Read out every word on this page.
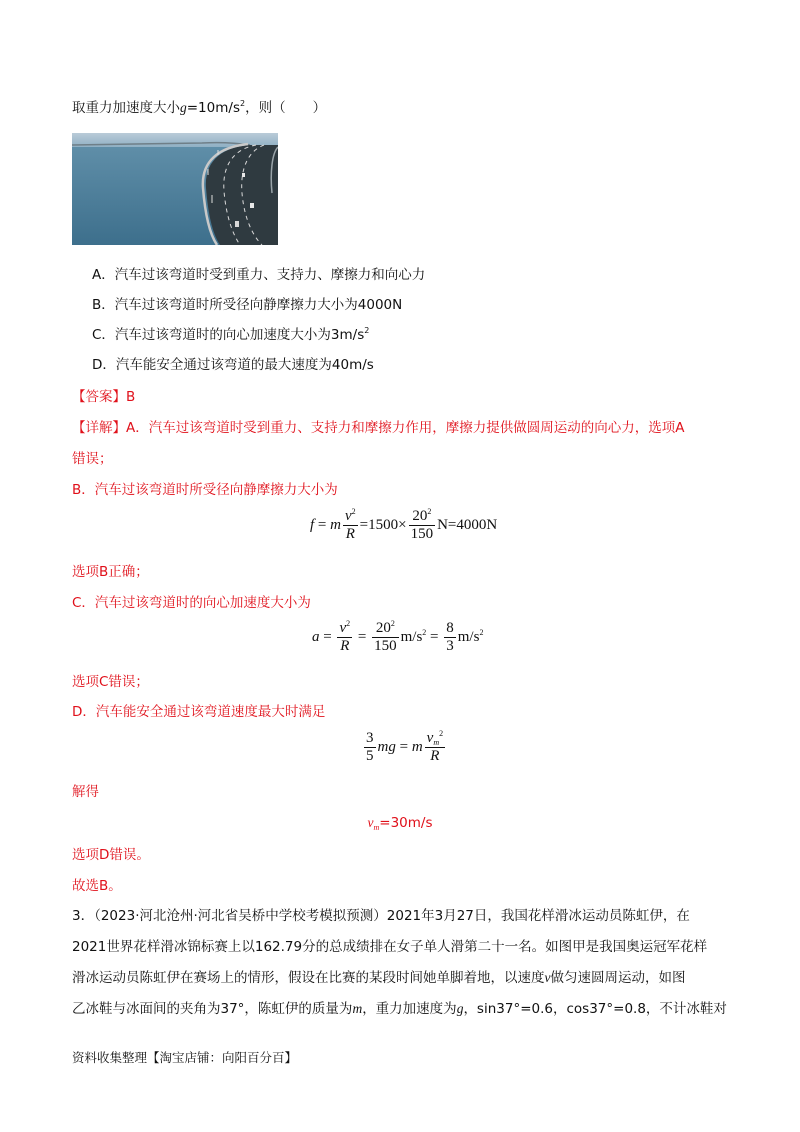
取重力加速度大小$g=10m/s^2$，则（　　）
A．汽车过该弯道时受到重力、支持力、摩擦力和向心力
B．汽车过该弯道时所受径向静摩擦力大小为4000N
C．汽车过该弯道时的向心加速度大小为$3m/s^2$
D．汽车能安全通过该弯道的最大速度为40m/s
【答案】B
【详解】A．汽车过该弯道时受到重力、支持力和摩擦力作用，摩擦力提供做圆周运动的向心力，选项A
错误；
B．汽车过该弯道时所受径向静摩擦力大小为
f = m $\frac{v^2}{R} =1500\times \frac{20^2}{150} N=4000N$
选项B正确；
C．汽车过该弯道时的向心加速度大小为
$a = \frac{v^2}{R} = \frac{20^2}{150} m/s^2 = \frac{8}{3} m/s^2$
选项C错误；
D．汽车能安全通过该弯道速度最大时满足
$\frac{3}{5}$ mg = m $\frac{v_m^2}{R}$
解得
$v_m=30m/s$
选项D错误。
故选B。
3．（2023·河北沧州·河北省吴桥中学校考模拟预测）2021年3月27日，我国花样滑冰运动员陈虹伊，在
2021世界花样滑冰锦标赛上以162.79分的总成绩排在女子单人滑第二十一名。如图甲是我国奥运冠军花样
滑冰运动员陈虹伊在赛场上的情形，假设在比赛的某段时间她单脚着地，以速度v做匀速圆周运动，如图
乙冰鞋与冰面间的夹角为37°，陈虹伊的质量为m，重力加速度为g，sin37°=0.6，cos37°=0.8，不计冰鞋对
资料收集整理【淘宝店铺：向阳百分百】
